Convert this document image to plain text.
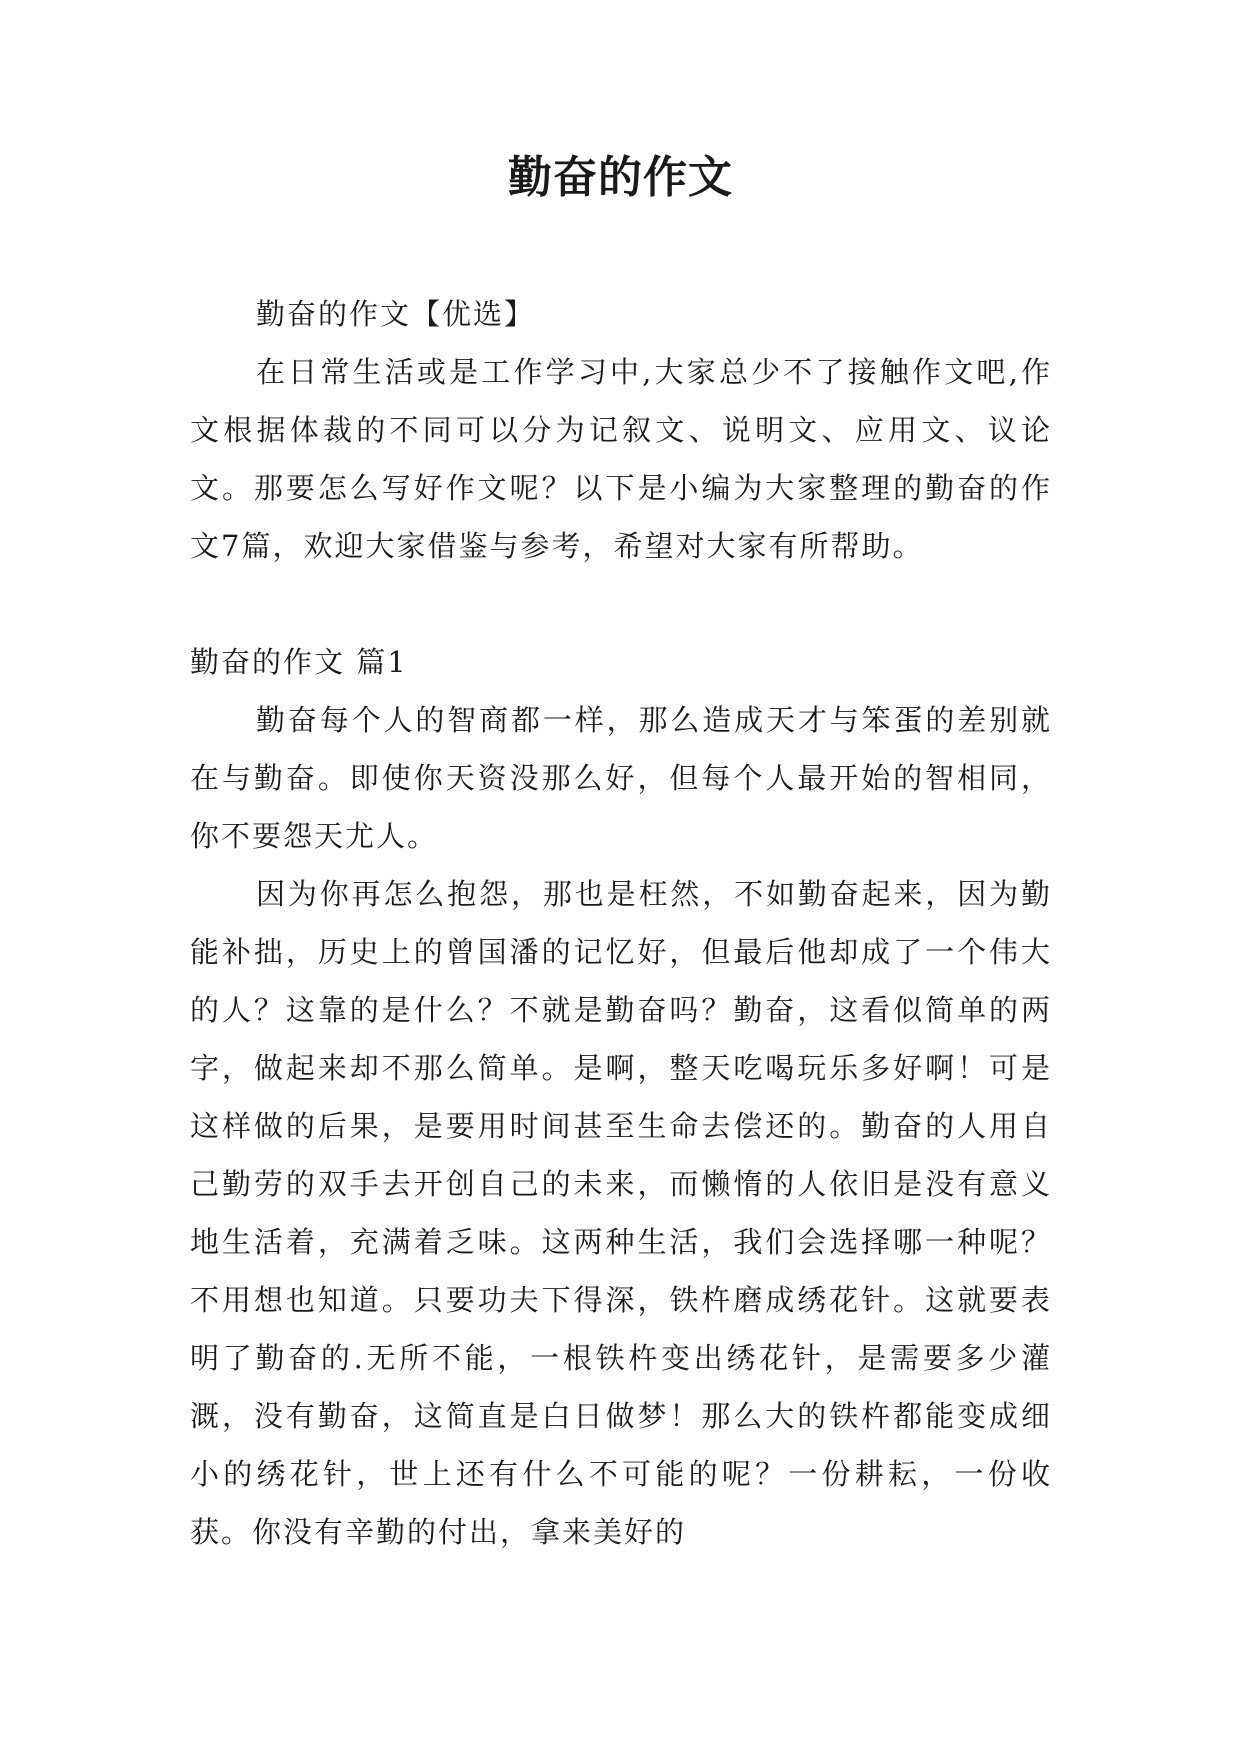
勤奋的作文

勤奋的作文【优选】

在日常生活或是工作学习中,大家总少不了接触作文吧,作文根据体裁的不同可以分为记叙文、说明文、应用文、议论文。那要怎么写好作文呢？以下是小编为大家整理的勤奋的作文7篇，欢迎大家借鉴与参考，希望对大家有所帮助。

勤奋的作文 篇1

勤奋每个人的智商都一样，那么造成天才与笨蛋的差别就在与勤奋。即使你天资没那么好，但每个人最开始的智相同，你不要怨天尤人。

因为你再怎么抱怨，那也是枉然，不如勤奋起来，因为勤能补拙，历史上的曾国潘的记忆好，但最后他却成了一个伟大的人？这靠的是什么？不就是勤奋吗？勤奋，这看似简单的两字，做起来却不那么简单。是啊，整天吃喝玩乐多好啊！可是这样做的后果，是要用时间甚至生命去偿还的。勤奋的人用自己勤劳的双手去开创自己的未来，而懒惰的人依旧是没有意义地生活着，充满着乏味。这两种生活，我们会选择哪一种呢？不用想也知道。只要功夫下得深，铁杵磨成绣花针。这就要表明了勤奋的.无所不能，一根铁杵变出绣花针，是需要多少灌溉，没有勤奋，这简直是白日做梦！那么大的铁杵都能变成细小的绣花针，世上还有什么不可能的呢？一份耕耘，一份收获。你没有辛勤的付出，拿来美好的
